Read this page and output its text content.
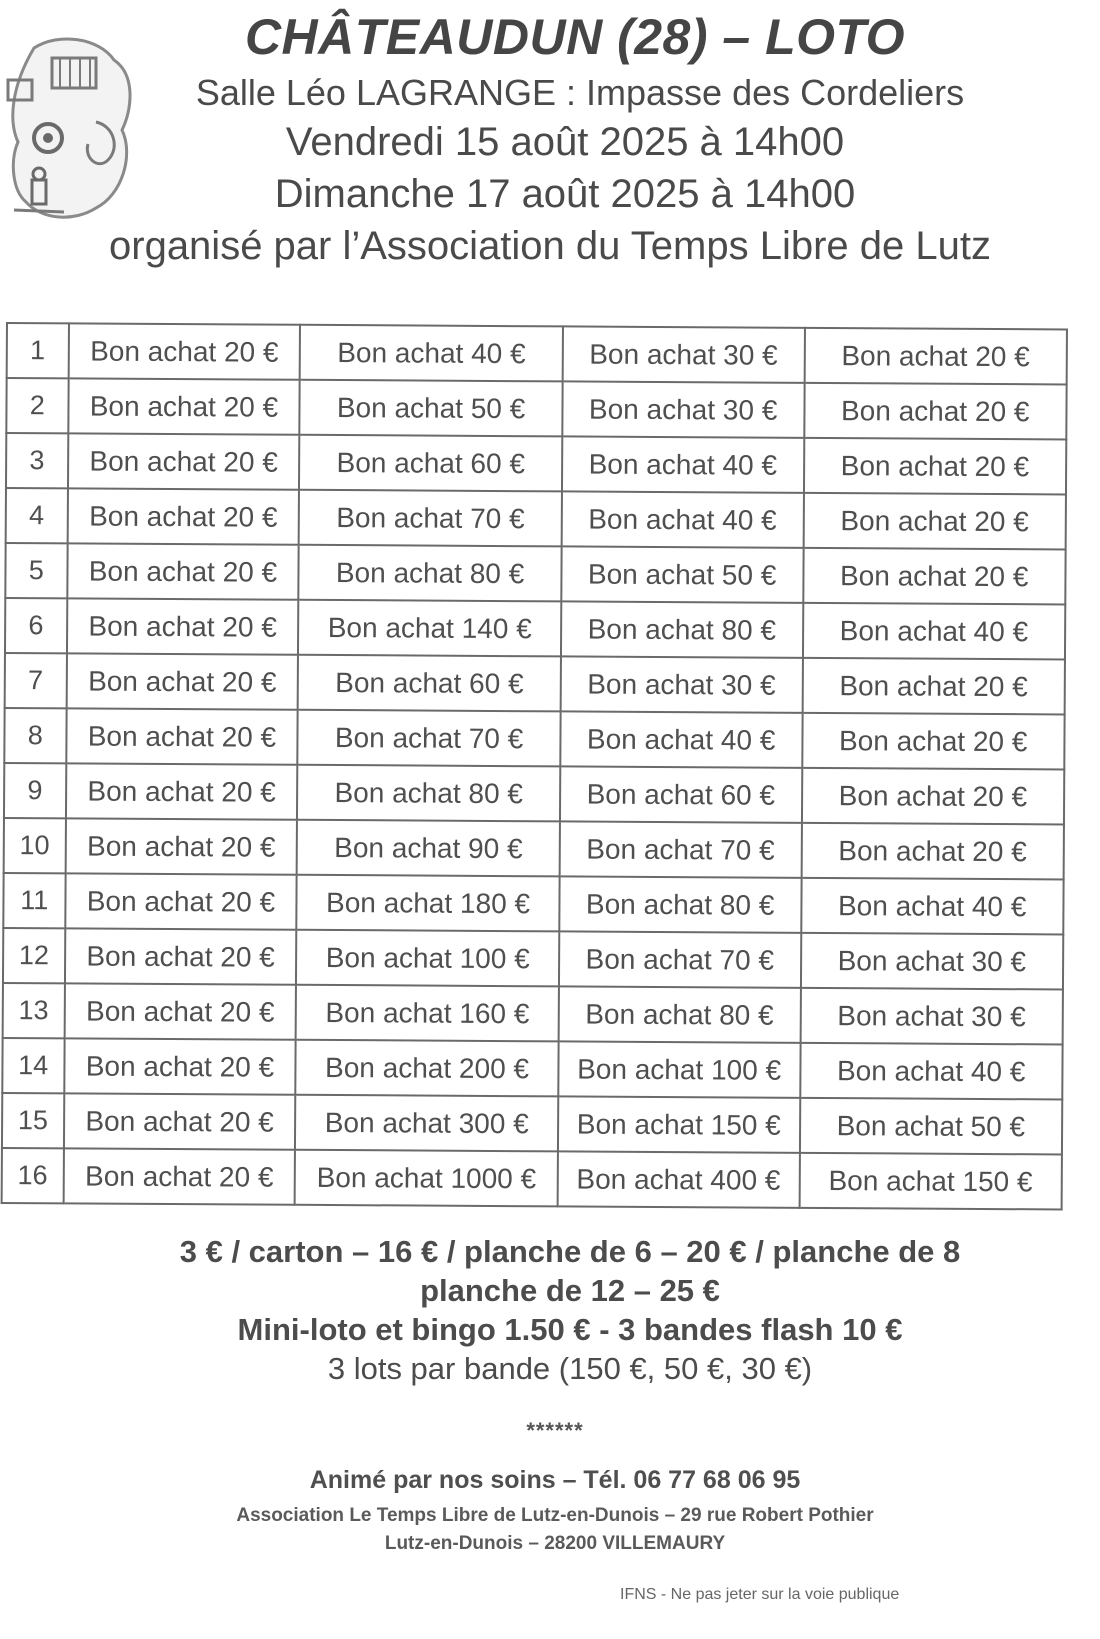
CHÂTEAUDUN (28) – LOTO
Salle Léo LAGRANGE : Impasse des Cordeliers
Vendredi 15 août 2025 à 14h00
Dimanche 17 août 2025 à 14h00
organisé par l’Association du Temps Libre de Lutz
1	Bon achat 20 €	Bon achat 40 €	Bon achat 30 €	Bon achat 20 €
2	Bon achat 20 €	Bon achat 50 €	Bon achat 30 €	Bon achat 20 €
3	Bon achat 20 €	Bon achat 60 €	Bon achat 40 €	Bon achat 20 €
4	Bon achat 20 €	Bon achat 70 €	Bon achat 40 €	Bon achat 20 €
5	Bon achat 20 €	Bon achat 80 €	Bon achat 50 €	Bon achat 20 €
6	Bon achat 20 €	Bon achat 140 €	Bon achat 80 €	Bon achat 40 €
7	Bon achat 20 €	Bon achat 60 €	Bon achat 30 €	Bon achat 20 €
8	Bon achat 20 €	Bon achat 70 €	Bon achat 40 €	Bon achat 20 €
9	Bon achat 20 €	Bon achat 80 €	Bon achat 60 €	Bon achat 20 €
10	Bon achat 20 €	Bon achat 90 €	Bon achat 70 €	Bon achat 20 €
11	Bon achat 20 €	Bon achat 180 €	Bon achat 80 €	Bon achat 40 €
12	Bon achat 20 €	Bon achat 100 €	Bon achat 70 €	Bon achat 30 €
13	Bon achat 20 €	Bon achat 160 €	Bon achat 80 €	Bon achat 30 €
14	Bon achat 20 €	Bon achat 200 €	Bon achat 100 €	Bon achat 40 €
15	Bon achat 20 €	Bon achat 300 €	Bon achat 150 €	Bon achat 50 €
16	Bon achat 20 €	Bon achat 1000 €	Bon achat 400 €	Bon achat 150 €
3 € / carton – 16 € / planche de 6 – 20 € / planche de 8
planche de 12 – 25 €
Mini-loto et bingo 1.50 € - 3 bandes flash 10 €
3 lots par bande (150 €, 50 €, 30 €)
******
Animé par nos soins – Tél. 06 77 68 06 95
Association Le Temps Libre de Lutz-en-Dunois – 29 rue Robert Pothier
Lutz-en-Dunois – 28200 VILLEMAURY
IFNS - Ne pas jeter sur la voie publique
